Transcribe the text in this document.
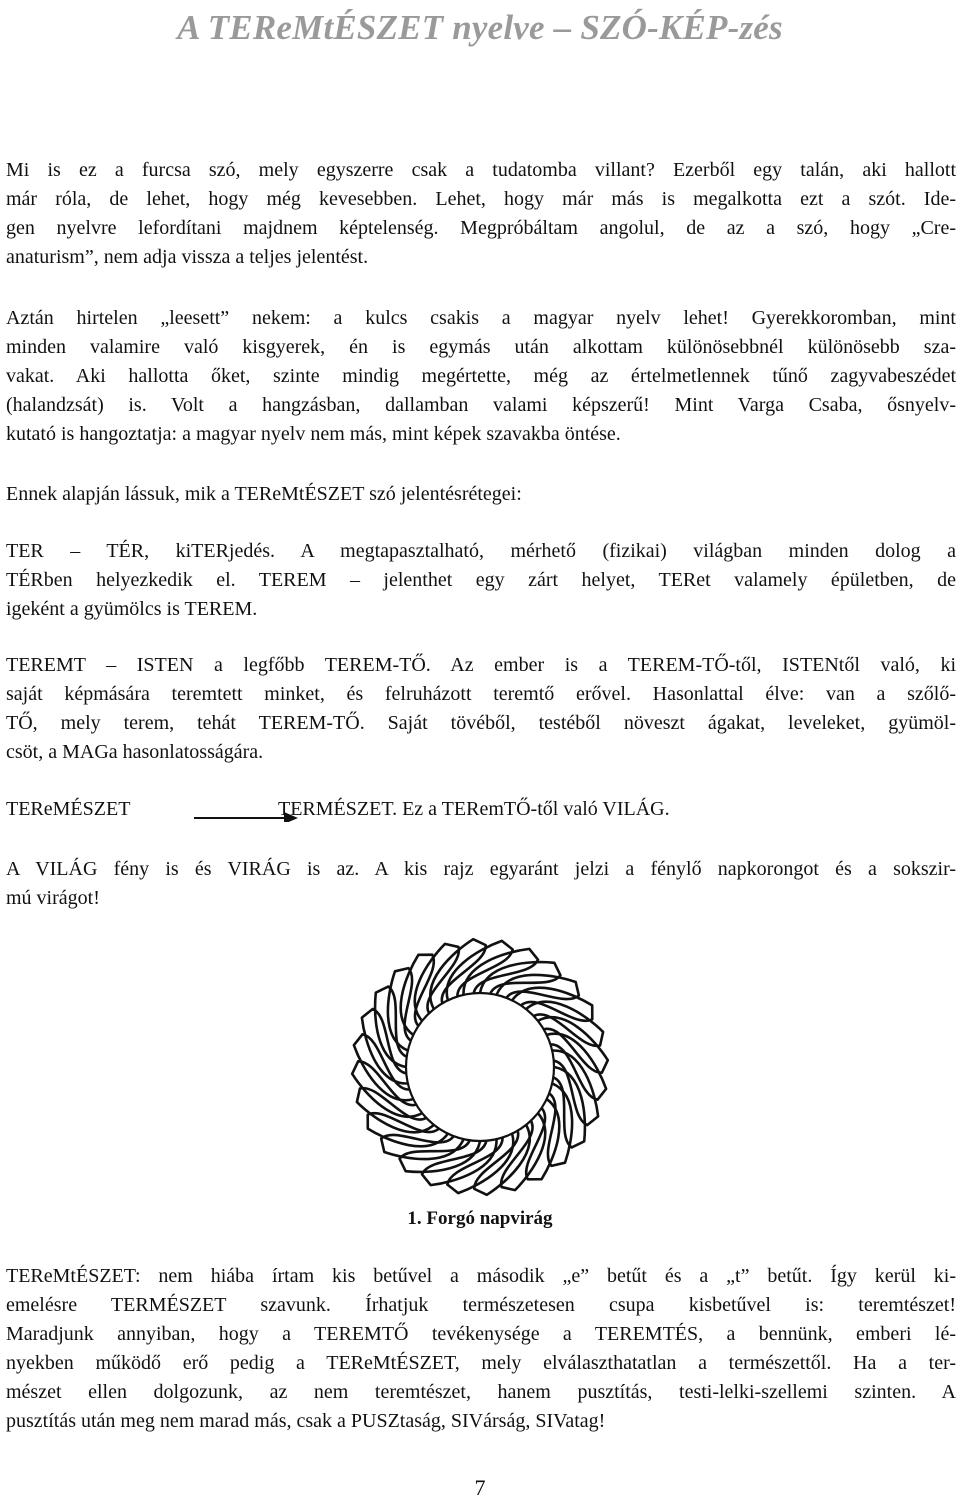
A TEReMtÉSZET nyelve – SZÓ-KÉP-zés
Mi is ez a furcsa szó, mely egyszerre csak a tudatomba villant? Ezerből egy talán, aki hallott
már róla, de lehet, hogy még kevesebben. Lehet, hogy már más is megalkotta ezt a szót. Ide-
gen nyelvre lefordítani majdnem képtelenség. Megpróbáltam angolul, de az a szó, hogy „Cre-
anaturism”, nem adja vissza a teljes jelentést.
Aztán hirtelen „leesett” nekem: a kulcs csakis a magyar nyelv lehet! Gyerekkoromban, mint
minden valamire való kisgyerek, én is egymás után alkottam különösebbnél különösebb sza-
vakat. Aki hallotta őket, szinte mindig megértette, még az értelmetlennek tűnő zagyvabeszédet
(halandzsát) is. Volt a hangzásban, dallamban valami képszerű! Mint Varga Csaba, ősnyelv-
kutató is hangoztatja: a magyar nyelv nem más, mint képek szavakba öntése.
Ennek alapján lássuk, mik a TEReMtÉSZET szó jelentésrétegei:
TER – TÉR, kiTERjedés. A megtapasztalható, mérhető (fizikai) világban minden dolog a
TÉRben helyezkedik el. TEREM – jelenthet egy zárt helyet, TERet valamely épületben, de
igeként a gyümölcs is TEREM.
TEREMT – ISTEN a legfőbb TEREM-TŐ. Az ember is a TEREM-TŐ-től, ISTENtől való, ki
saját képmására teremtett minket, és felruházott teremtő erővel. Hasonlattal élve: van a szőlő-
TŐ, mely terem, tehát TEREM-TŐ. Saját tövéből, testéből növeszt ágakat, leveleket, gyümöl-
csöt, a MAGa hasonlatosságára.
TEReMÉSZET	TERMÉSZET. Ez a TERemTŐ-től való VILÁG.
A VILÁG fény is és VIRÁG is az. A kis rajz egyaránt jelzi a fénylő napkorongot és a sokszir-
mú virágot!
1. Forgó napvirág
TEReMtÉSZET: nem hiába írtam kis betűvel a második „e” betűt és a „t” betűt. Így kerül ki-
emelésre TERMÉSZET szavunk. Írhatjuk természetesen csupa kisbetűvel is: teremtészet!
Maradjunk annyiban, hogy a TEREMTŐ tevékenysége a TEREMTÉS, a bennünk, emberi lé-
nyekben működő erő pedig a TEReMtÉSZET, mely elválaszthatatlan a természettől. Ha a ter-
mészet ellen dolgozunk, az nem teremtészet, hanem pusztítás, testi-lelki-szellemi szinten. A
pusztítás után meg nem marad más, csak a PUSZtaság, SIVárság, SIVatag!
7
